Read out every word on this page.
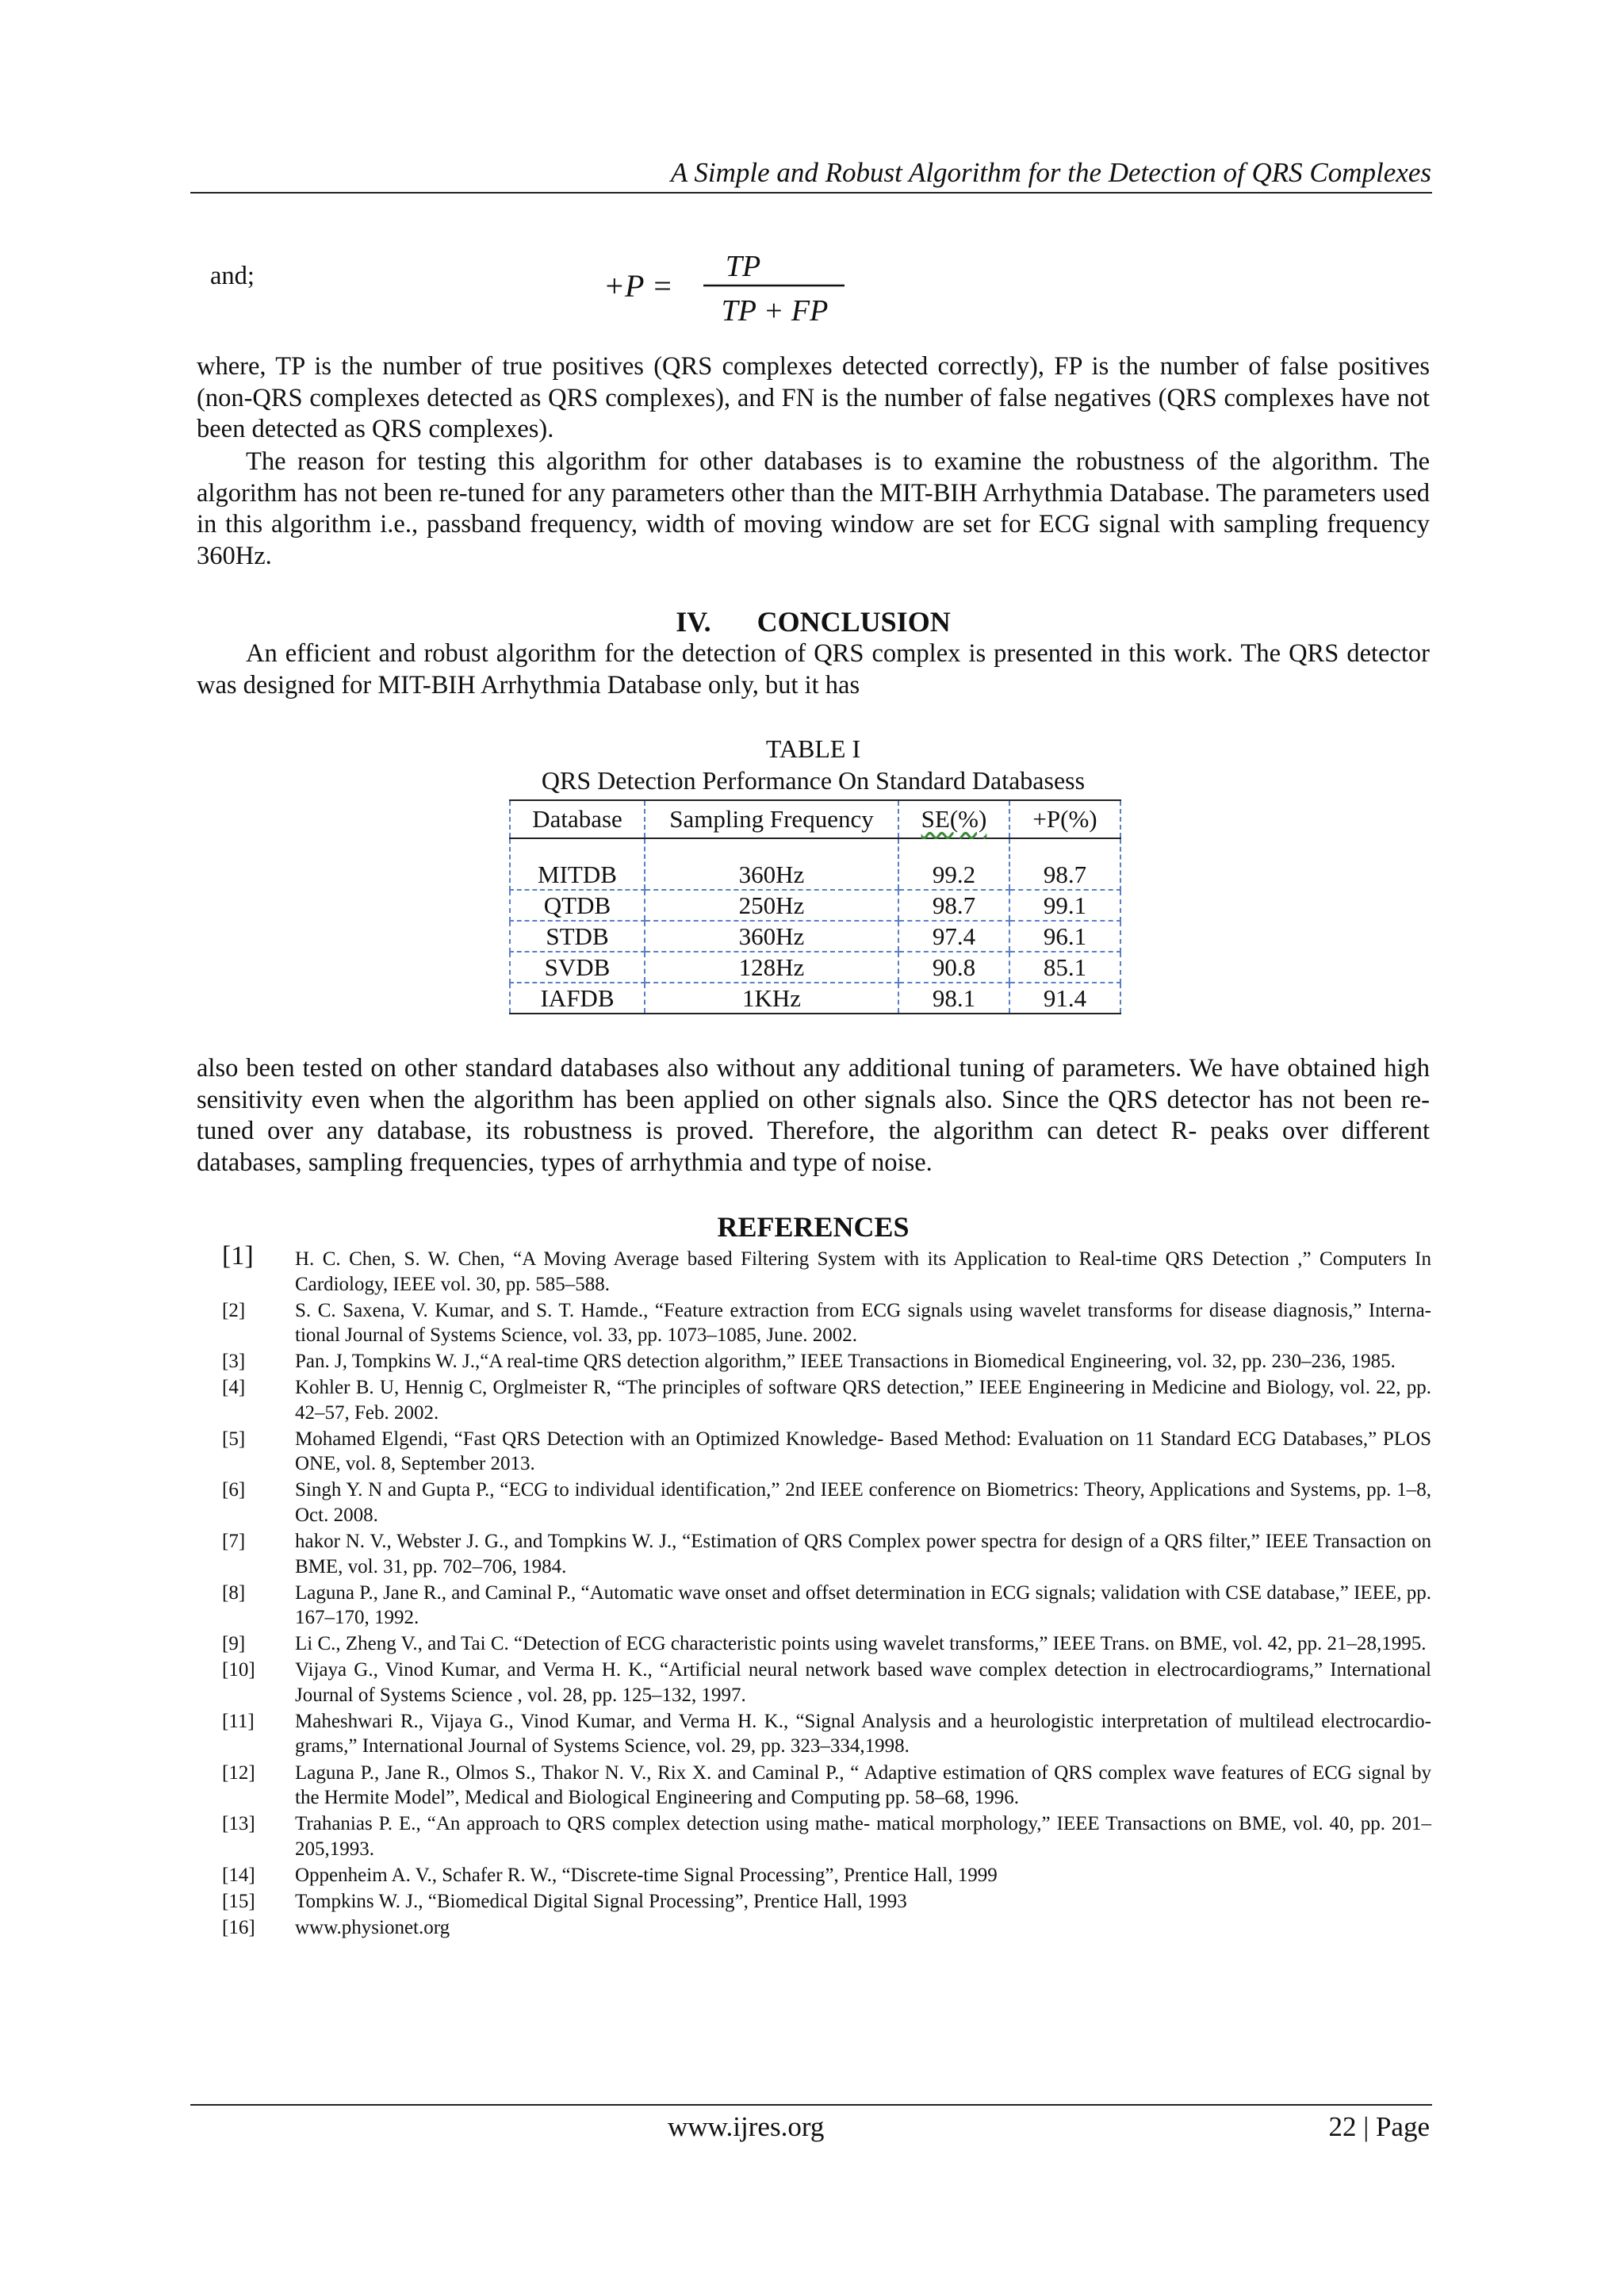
A Simple and Robust Algorithm for the Detection of QRS Complexes
and;	+P =
TP
TP + FP

where, TP is the number of true positives (QRS complexes detected correctly), FP is the number of false positives (non-QRS complexes detected as QRS complexes), and FN is the number of false negatives (QRS complexes have not been detected as QRS complexes).

The reason for testing this algorithm for other databases is to examine the robustness of the algorithm. The algorithm has not been re-tuned for any parameters other than the MIT-BIH Arrhythmia Database. The parameters used in this algorithm i.e., passband frequency, width of moving window are set for ECG signal with sampling frequency 360Hz.

IV. CONCLUSION

An efficient and robust algorithm for the detection of QRS complex is presented in this work. The QRS detector was designed for MIT-BIH Arrhythmia Database only, but it has

TABLE I
QRS Detection Performance On Standard Databasess
Database	Sampling Frequency	SE(%)	+P(%)
MITDB	360Hz	99.2	98.7
QTDB	250Hz	98.7	99.1
STDB	360Hz	97.4	96.1
SVDB	128Hz	90.8	85.1
IAFDB	1KHz	98.1	91.4

also been tested on other standard databases also without any additional tuning of parameters. We have obtained high sensitivity even when the algorithm has been applied on other signals also. Since the QRS detector has not been re- tuned over any database, its robustness is proved. Therefore, the algorithm can detect R- peaks over different databases, sampling frequencies, types of arrhythmia and type of noise.

REFERENCES
[1] H. C. Chen, S. W. Chen, “A Moving Average based Filtering System with its Application to Real-time QRS Detection ,” Computers In Cardiology, IEEE vol. 30, pp. 585–588.
[2]	S. C. Saxena, V. Kumar, and S. T. Hamde., “Feature extraction from ECG signals using wavelet transforms for disease diagnosis,” Interna- tional Journal of Systems Science, vol. 33, pp. 1073–1085, June. 2002.
[3]	Pan. J, Tompkins W. J.,“A real-time QRS detection algorithm,” IEEE Transactions in Biomedical Engineering, vol. 32, pp. 230–236, 1985.
[4]	Kohler B. U, Hennig C, Orglmeister R, “The principles of software QRS detection,” IEEE Engineering in Medicine and Biology, vol. 22, pp. 42–57, Feb. 2002.
[5]	Mohamed Elgendi, “Fast QRS Detection with an Optimized Knowledge- Based Method: Evaluation on 11 Standard ECG Databases,” PLOS ONE, vol. 8, September 2013.
[6]	Singh Y. N and Gupta P., “ECG to individual identification,” 2nd IEEE conference on Biometrics: Theory, Applications and Systems, pp. 1–8, Oct. 2008.
[7]	hakor N. V., Webster J. G., and Tompkins W. J., “Estimation of QRS Complex power spectra for design of a QRS filter,” IEEE Transaction on BME, vol. 31, pp. 702–706, 1984.
[8]	Laguna P., Jane R., and Caminal P., “Automatic wave onset and offset determination in ECG signals; validation with CSE database,” IEEE, pp. 167–170, 1992.
[9]	Li C., Zheng V., and Tai C. “Detection of ECG characteristic points using wavelet transforms,” IEEE Trans. on BME, vol. 42, pp. 21–28,1995.
[10] Vijaya G., Vinod Kumar, and Verma H. K., “Artificial neural network based wave complex detection in electrocardiograms,” International Journal of Systems Science , vol. 28, pp. 125–132, 1997.
[11] Maheshwari R., Vijaya G., Vinod Kumar, and Verma H. K., “Signal Analysis and a heurologistic interpretation of multilead electrocardio- grams,” International Journal of Systems Science, vol. 29, pp. 323–334,1998.
[12] Laguna P., Jane R., Olmos S., Thakor N. V., Rix X. and Caminal P., “ Adaptive estimation of QRS complex wave features of ECG signal by the Hermite Model”, Medical and Biological Engineering and Computing pp. 58–68, 1996.
[13] Trahanias P. E., “An approach to QRS complex detection using mathe- matical morphology,” IEEE Transactions on BME, vol. 40, pp. 201–205,1993.
[14] Oppenheim A. V., Schafer R. W., “Discrete-time Signal Processing”, Prentice Hall, 1999
[15] Tompkins W. J., “Biomedical Digital Signal Processing”, Prentice Hall, 1993
[16] www.physionet.org
www.ijres.org	22 | Page
